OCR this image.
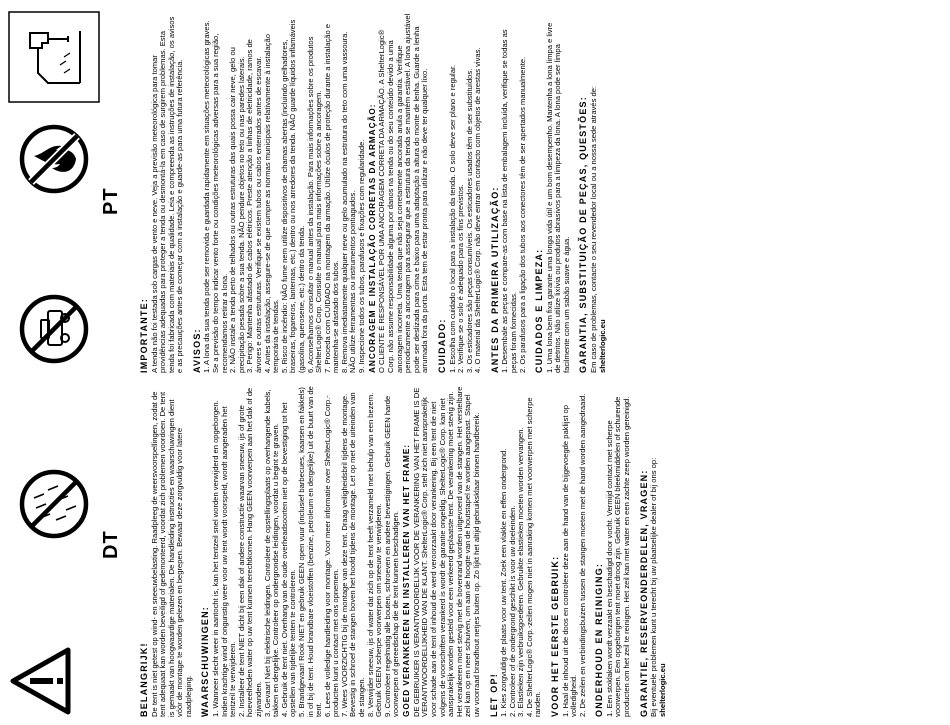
DT
PT
BELANGRIJK! De tent is niet getest op wind- en sneeuwbelasting. Raadpleeg de weersvoorspellingen, zodat de tent adequaat kan worden beveiligd of gedemonteerd, voordat zich problemen voordoen. De tent is gemaakt van hoogwaardige materialen. De handleiding instructies en waarschuwingen dient vóór de montage te worden gelezen en begrepen. Bewaar deze zorgvuldig voor latere raadpleging. WAARSCHUWINGEN: 1. Wanneer slecht weer in aantocht is, kan het tentzeil snel worden verwijderd en opgeborgen. Indien krachtige wind of ongunstig weer voor uw tent wordt voorspeld, wordt aangeraden het tentzeil te verwijderen. 2. Installeer de tent NIET dicht bij een dak of andere constructie waarvan sneeuw, ijs of grote hoeveelheden water op uw tent kunnen terechtkomen. Hang GEEN voorwerpen aan het dak of de zijwanden. 3. Gevaar! Niet bij elektrische leidingen. Controleer de opstellingsplaats op overhangende kabels, takken en dergelijke. Controleer op ondergrondse leidingen, voordat u begint te graven. 4. Gebruik de tent niet. Overhang van de oude overheadsoorten niet op de bevestiging tot het opstellen van tijdelijke tenten te controleren. 5. Brandgevaar! Rook NIET en gebruik GEEN open vuur (inclusief barbecues, kaarsen en fakkels) in of bij de tent. Houd brandbare vloeistoffen (benzine, petroleum en dergelijke) uit de buurt van de tent. 6. Lees de volledige handleiding voor montage. Voor meer informatie over ShelterLogic® Corp.-producten kunt u contact met ons opnemen. 7. Wees VOORZICHTIG bij de montage van deze tent. Draag veiligheidsbril tijdens de montage. Bevestig in schroef de stangen boven het hoofd tijdens de montage. Let op met de uiteinden van de stangen. 8. Verwijder sneeuw, ijs of water dat zich op de tent heeft verzameld met behulp van een bezem. Gebruik GEEN scherpe voorwerpen om sneeuw te verwijderen. 9. Controleer regelmatig alle bouten, schroeven en andere bevestigingen. Gebruik GEEN harde voorwerpen of gereedschap die de tent kunnen beschadigen. GOED VERANKEREN EN INSTALLEREN VAN HET FRAME: DE GEBRUIKER IS VERANTWOORDELIJK VOOR DE VERANKERING VAN HET FRAME IS DE VERANTWOORDELIJKHEID VAN DE KLANT. ShelterLogic® Corp. stelt zich niet aansprakelijk voor schade aan de tent of inhoud die werd veroorzaakt door verankering. Bij een tent die niet volgens de voorschriften verankerd is wordt de garantie ongeldig. ShelterLogic® Corp. kan niet aansprakelijk worden gesteld voor een verkeerd geplaatste tent. De verankering moet stevig zijn. Het verankeren moet stevig met de bovenrand worden uitgevoerd van de stangen. Het verstelbare zeil kan op en neer schuiven, om aan de hoogte van de houtstapel te worden aangepast. Stapel uw voorraad brandhout netjes buiten op. Zo lijkt het altijd gebruiksklaar binnen handbereik. LET OP! 1. Kies zorgvuldig de plaats voor uw tent. Zoek een vlakke en effen ondergrond. 2. Controleer of de ondergrond geschikt is voor uw doeleinden. 3. Elastieken zijn verbruiksgoederen. Gebruikte elastieken moeten worden vervangen. 4. De ShelterLogic® Corp.-zeilen mogen niet in aanraking komen met voorwerpen met scherpe randen. VOOR HET EERSTE GEBRUIK: 1. Haal de inhoud uit de doos en controleer deze aan de hand van de bijgevoegde paklijst op volledigheid. 2. De zeilen en verbindingsbuizen tussen de stangen moeten met de hand worden aangedraaid. ONDERHOUD EN REINIGING: 1. Een stoklaken wordt verzaakt en beschadigd door vocht. Vermijd contact met scherpe voorwerpen. Een opgeborgen tent moet droog zijn. Gebruik GEEN bleekmiddelen of schurende producten om het zeil te reinigen. Het zeil kan met water en een zachte zeep worden gereinigd. GARANTIE, RESERVEONDERDELEN, VRAGEN: Bij eventuele problemen kunt u terecht bij uw plaatselijke dealer of bij ons op: shelterlogic.eu

IMPORTANTE: A tenda não foi testada sob cargas de vento e neve. Veja a previsão meteorológica para tomar providências adequadas para proteger a tenda ou desmontá-la em caso de surgirem problemas. Esta tenda foi fabricada com materiais de qualidade. Leia e compreenda as instruções de instalação, os avisos e as precauções antes de começar com a instalação e guarde-as para uma futura referência. AVISOS: 1. A lona da sua tenda pode ser removida e guardada rapidamente em situações meteorológicas graves. Se a previsão do tempo indicar vento forte ou condições meteorológicas adversas para a sua região, recomendamos retirar a lona. 2. NÃO instale a tenda perto de telhados ou outras estruturas das quais possa cair neve, gelo ou precipitação pesada sobre a sua tenda. NÃO pendure objetos no teto ou nas paredes laterais. 3. Perigo: Mantenha afastado de cabos elétricos. Preste atenção a linhas de eletricidade, ramos de árvores e outras estruturas. Verifique se existem tubos ou cabos enterrados antes de escavar. 4. Antes da instalação, assegure-se de que cumpre as normas municipais relativamente à instalação temporária de tendas. 5. Risco de incêndio: NÃO fume nem utilize dispositivos de chamas abertas (incluindo grelhadores, braseiras, fogareiros, lanternas, etc.) dentro ou nos arredores da tenda. NÃO guarde líquidos inflamáveis (gasolina, querosene, etc.) dentro da tenda. 6. Aconselhamos consultar o manual antes da instalação. Para mais informações sobre os produtos ShelterLogic® Corp. Consulte o manual para mais informações sobre a ancoragem. 7. Proceda com CUIDADO na montagem da armação. Utilize óculos de proteção durante a instalação e mantenha-se afastado dos tubos. 8. Remova imediatamente qualquer neve ou gelo acumulado na estrutura do teto com uma vassoura. NÃO utilize ferramentas ou instrumentos pontiagudos. 9. Inspecione todos os tubos, parafusos e fixações com regularidade. ANCORAGEM E INSTALAÇÃO CORRETAS DA ARMAÇÃO: O CLIENTE É RESPONSÁVEL POR UMA ANCORAGEM CORRETA DA ARMAÇÃO. A ShelterLogic® Corp. não assume responsabilidade alguma por danos na tenda ou do seu conteúdo devido a uma ancoragem incorreta. Uma tenda que não seja corretamente ancorada anula a garantia. Verifique periodicamente a ancoragem para assegurar que a estrutura da tenda se mantém estável. A lona ajustável pode ser deslizada para cima e baixo para uma adaptação à altura do monte de lenha. Guarde a lenha arrumada fora da porta. Esta tem de estar pronta para utilizar e não deve ter qualquer lixo. CUIDADO: 1. Escolha com cuidado o local para a instalação da tenda. O solo deve ser plano e regular. 2. Verifique se o solo é adequado para os fins previstos. 3. Os esticadores são peças consumíveis. Os esticadores usados têm de ser substituídos. 4. O material da ShelterLogic® Corp. não deve entrar em contacto com objetos de arestas vivas. ANTES DA PRIMEIRA UTILIZAÇÃO: 1. Desembale as peças e compare-as com base na lista de embalagem incluída, verifique se todas as peças foram fornecidas. 2. Os parafusos para a ligação dos tubos aos conectores têm de ser apertados manualmente. CUIDADOS E LIMPEZA: 1. Uma lona bem fixa garante uma longa vida útil e um bom desempenho. Mantenha a lona limpa e livre de detritos. Não utilize lixívia ou produtos abrasivos para a limpeza da lona. A lona pode ser limpa facilmente com um sabão suave e água. GARANTIA, SUBSTITUIÇÃO DE PEÇAS, QUESTÕES: Em caso de problemas, contacte o seu revendedor local ou a nossa sede através de: shelterlogic.eu
